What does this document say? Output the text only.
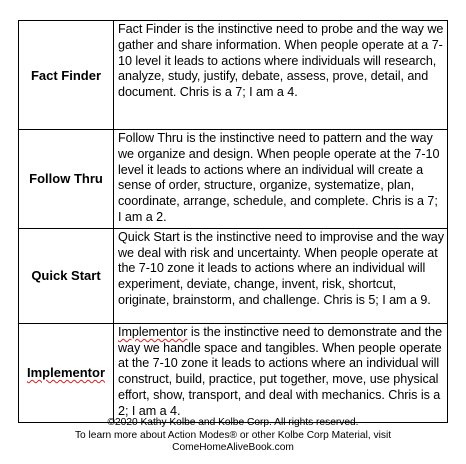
Fact Finder	Fact Finder is the instinctive need to probe and the way we gather and share information. When people operate at a 7-10 level it leads to actions where individuals will research, analyze, study, justify, debate, assess, prove, detail, and document. Chris is a 7; I am a 4.
Follow Thru	Follow Thru is the instinctive need to pattern and the way we organize and design. When people operate at the 7-10 level it leads to actions where an individual will create a sense of order, structure, organize, systematize, plan, coordinate, arrange, schedule, and complete. Chris is a 7; I am a 2.
Quick Start	Quick Start is the instinctive need to improvise and the way we deal with risk and uncertainty. When people operate at the 7-10 zone it leads to actions where an individual will experiment, deviate, change, invent, risk, shortcut, originate, brainstorm, and challenge. Chris is 5; I am a 9.
Implementor	Implementor is the instinctive need to demonstrate and the way we handle space and tangibles. When people operate at the 7-10 zone it leads to actions where an individual will construct, build, practice, put together, move, use physical effort, show, transport, and deal with mechanics. Chris is a 2; I am a 4.
©2020 Kathy Kolbe and Kolbe Corp. All rights reserved.
To learn more about Action Modes® or other Kolbe Corp Material, visit
ComeHomeAliveBook.com
